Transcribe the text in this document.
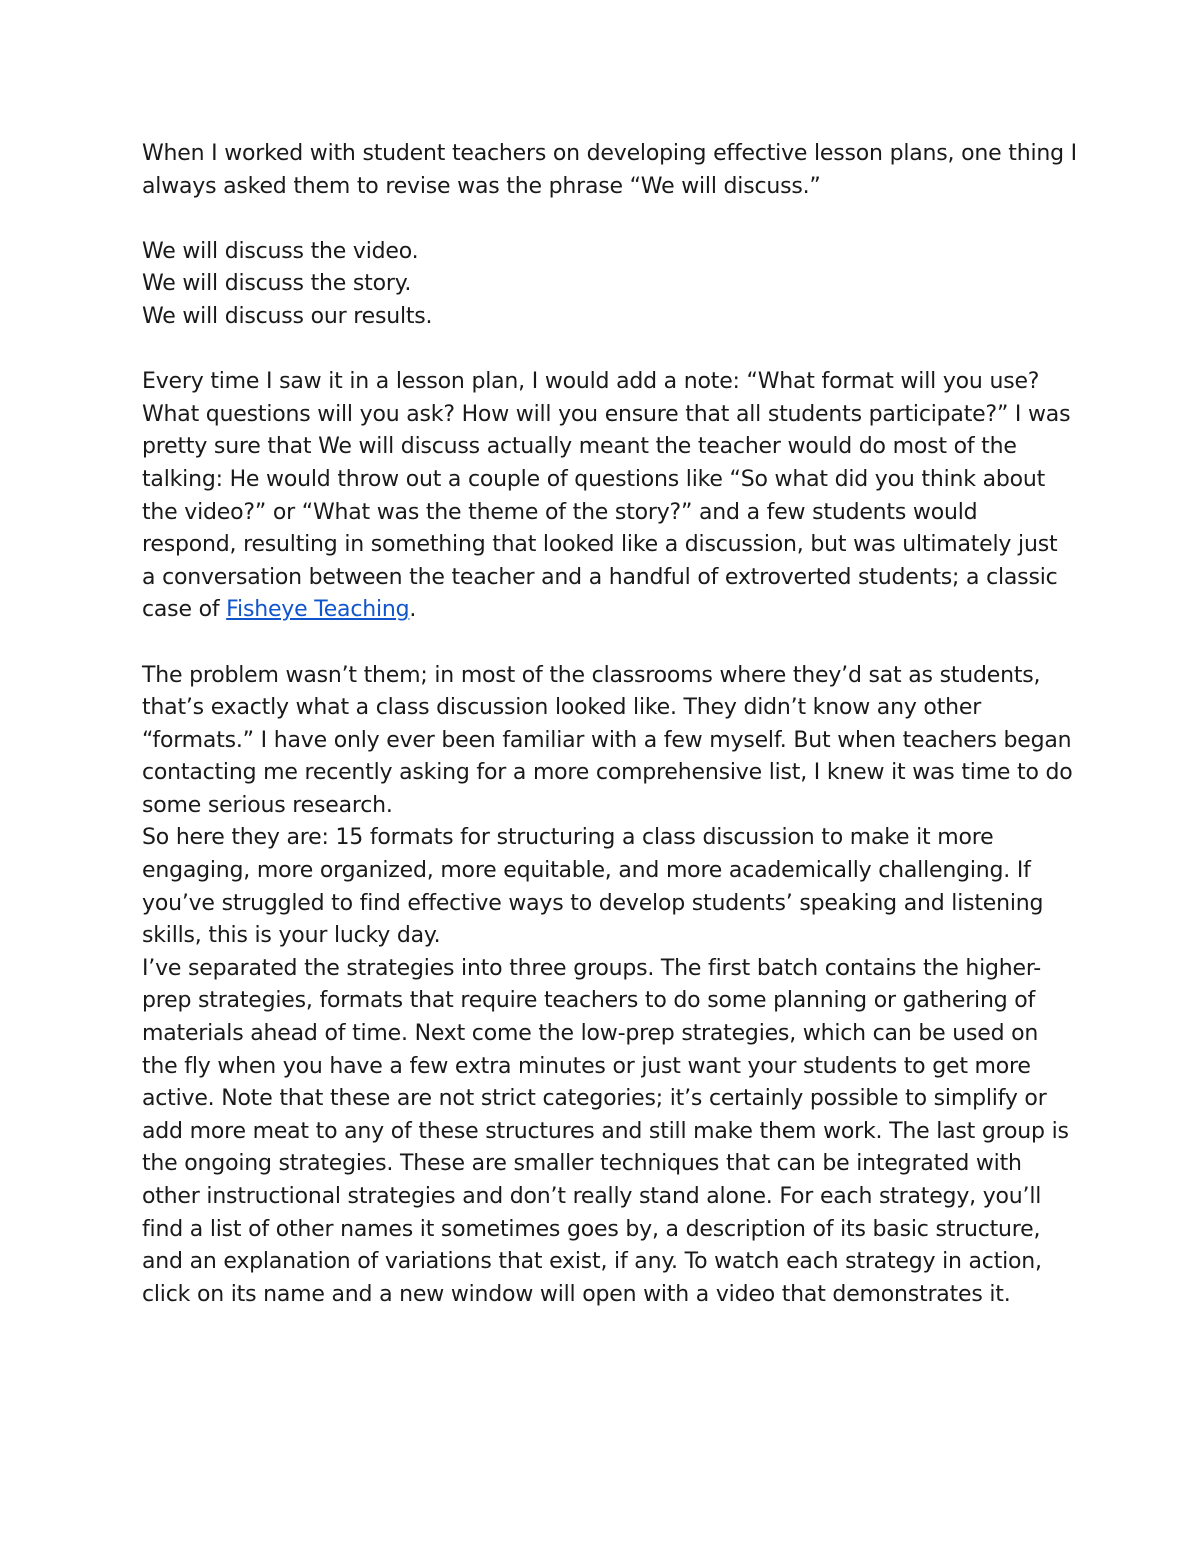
When I worked with student teachers on developing effective lesson plans, one thing I always asked them to revise was the phrase “We will discuss.”

We will discuss the video.
We will discuss the story.
We will discuss our results.

Every time I saw it in a lesson plan, I would add a note: “What format will you use? What questions will you ask? How will you ensure that all students participate?” I was pretty sure that We will discuss actually meant the teacher would do most of the talking: He would throw out a couple of questions like “So what did you think about the video?” or “What was the theme of the story?” and a few students would respond, resulting in something that looked like a discussion, but was ultimately just a conversation between the teacher and a handful of extroverted students; a classic case of Fisheye Teaching.

The problem wasn’t them; in most of the classrooms where they’d sat as students, that’s exactly what a class discussion looked like. They didn’t know any other “formats.” I have only ever been familiar with a few myself. But when teachers began contacting me recently asking for a more comprehensive list, I knew it was time to do some serious research.

So here they are: 15 formats for structuring a class discussion to make it more engaging, more organized, more equitable, and more academically challenging. If you’ve struggled to find effective ways to develop students’ speaking and listening skills, this is your lucky day.

I’ve separated the strategies into three groups. The first batch contains the higher-prep strategies, formats that require teachers to do some planning or gathering of materials ahead of time. Next come the low-prep strategies, which can be used on the fly when you have a few extra minutes or just want your students to get more active. Note that these are not strict categories; it’s certainly possible to simplify or add more meat to any of these structures and still make them work. The last group is the ongoing strategies. These are smaller techniques that can be integrated with other instructional strategies and don’t really stand alone. For each strategy, you’ll find a list of other names it sometimes goes by, a description of its basic structure, and an explanation of variations that exist, if any. To watch each strategy in action, click on its name and a new window will open with a video that demonstrates it.
